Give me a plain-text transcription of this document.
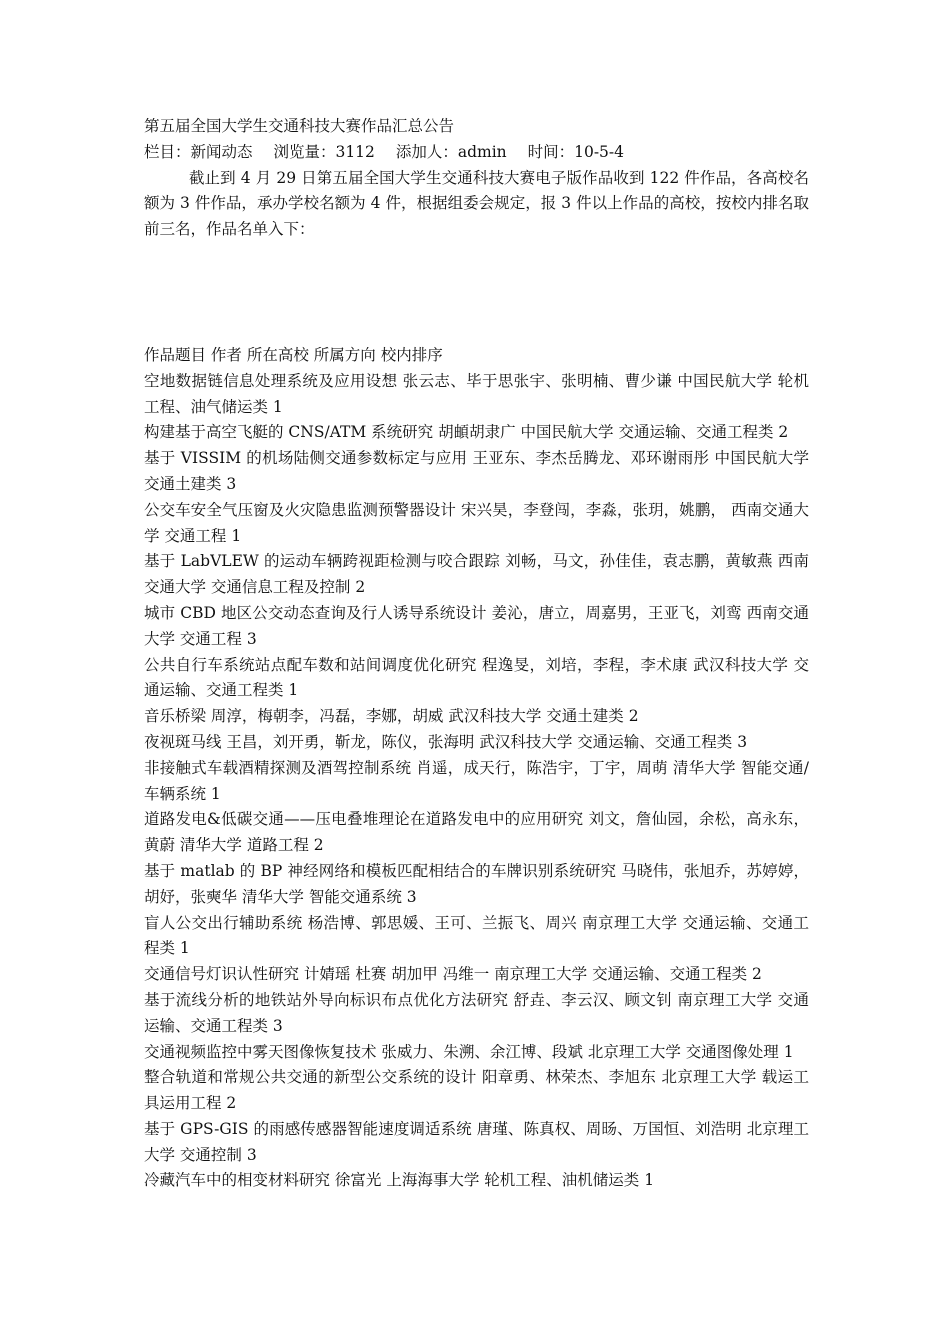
第五届全国大学生交通科技大赛作品汇总公告
栏目：新闻动态 浏览量：3112 添加人：admin 时间：10-5-4
截止到 4 月 29 日第五届全国大学生交通科技大赛电子版作品收到 122 件作品，各高校名额为 3 件作品，承办学校名额为 4 件，根据组委会规定，报 3 件以上作品的高校，按校内排名取前三名，作品名单入下：
作品题目 作者 所在高校 所属方向 校内排序
空地数据链信息处理系统及应用设想 张云志、毕于思张宇、张明楠、曹少谦 中国民航大学 轮机工程、油气储运类 1
构建基于高空飞艇的 CNS/ATM 系统研究 胡頔胡隶广 中国民航大学 交通运输、交通工程类 2
基于 VISSIM 的机场陆侧交通参数标定与应用 王亚东、李杰岳腾龙、邓环谢雨彤 中国民航大学 交通土建类 3
公交车安全气压窗及火灾隐患监测预警器设计 宋兴昊，李登闯，李淼，张玥，姚鹏， 西南交通大学 交通工程 1
基于 LabVLEW 的运动车辆跨视距检测与咬合跟踪 刘畅，马文，孙佳佳，袁志鹏，黄敏燕 西南交通大学 交通信息工程及控制 2
城市 CBD 地区公交动态查询及行人诱导系统设计 姜沁，唐立，周嘉男，王亚飞，刘鸾 西南交通大学 交通工程 3
公共自行车系统站点配车数和站间调度优化研究 程逸旻，刘培，李程，李术康 武汉科技大学 交通运输、交通工程类 1
音乐桥梁 周淳，梅朝李，冯磊，李娜，胡威 武汉科技大学 交通土建类 2
夜视斑马线 王昌，刘开勇，靳龙，陈仪，张海明 武汉科技大学 交通运输、交通工程类 3
非接触式车载酒精探测及酒驾控制系统 肖遥，成天行，陈浩宇，丁宇，周萌 清华大学 智能交通/车辆系统 1
道路发电&低碳交通——压电叠堆理论在道路发电中的应用研究 刘文，詹仙园，余松，高永东，黄蔚 清华大学 道路工程 2
基于 matlab 的 BP 神经网络和模板匹配相结合的车牌识别系统研究 马晓伟，张旭乔，苏婷婷，胡妤，张奭华 清华大学 智能交通系统 3
盲人公交出行辅助系统 杨浩博、郭思媛、王可、兰振飞、周兴 南京理工大学 交通运输、交通工程类 1
交通信号灯识认性研究 计婧瑶 杜赛 胡加甲 冯维一 南京理工大学 交通运输、交通工程类 2
基于流线分析的地铁站外导向标识布点优化方法研究 舒垚、李云汉、顾文钊 南京理工大学 交通运输、交通工程类 3
交通视频监控中雾天图像恢复技术 张威力、朱溯、余江博、段斌 北京理工大学 交通图像处理 1
整合轨道和常规公共交通的新型公交系统的设计 阳章勇、林荣杰、李旭东 北京理工大学 载运工具运用工程 2
基于 GPS-GIS 的雨感传感器智能速度调适系统 唐瑾、陈真权、周旸、万国恒、刘浩明 北京理工大学 交通控制 3
冷藏汽车中的相变材料研究 徐富光 上海海事大学 轮机工程、油机储运类 1
